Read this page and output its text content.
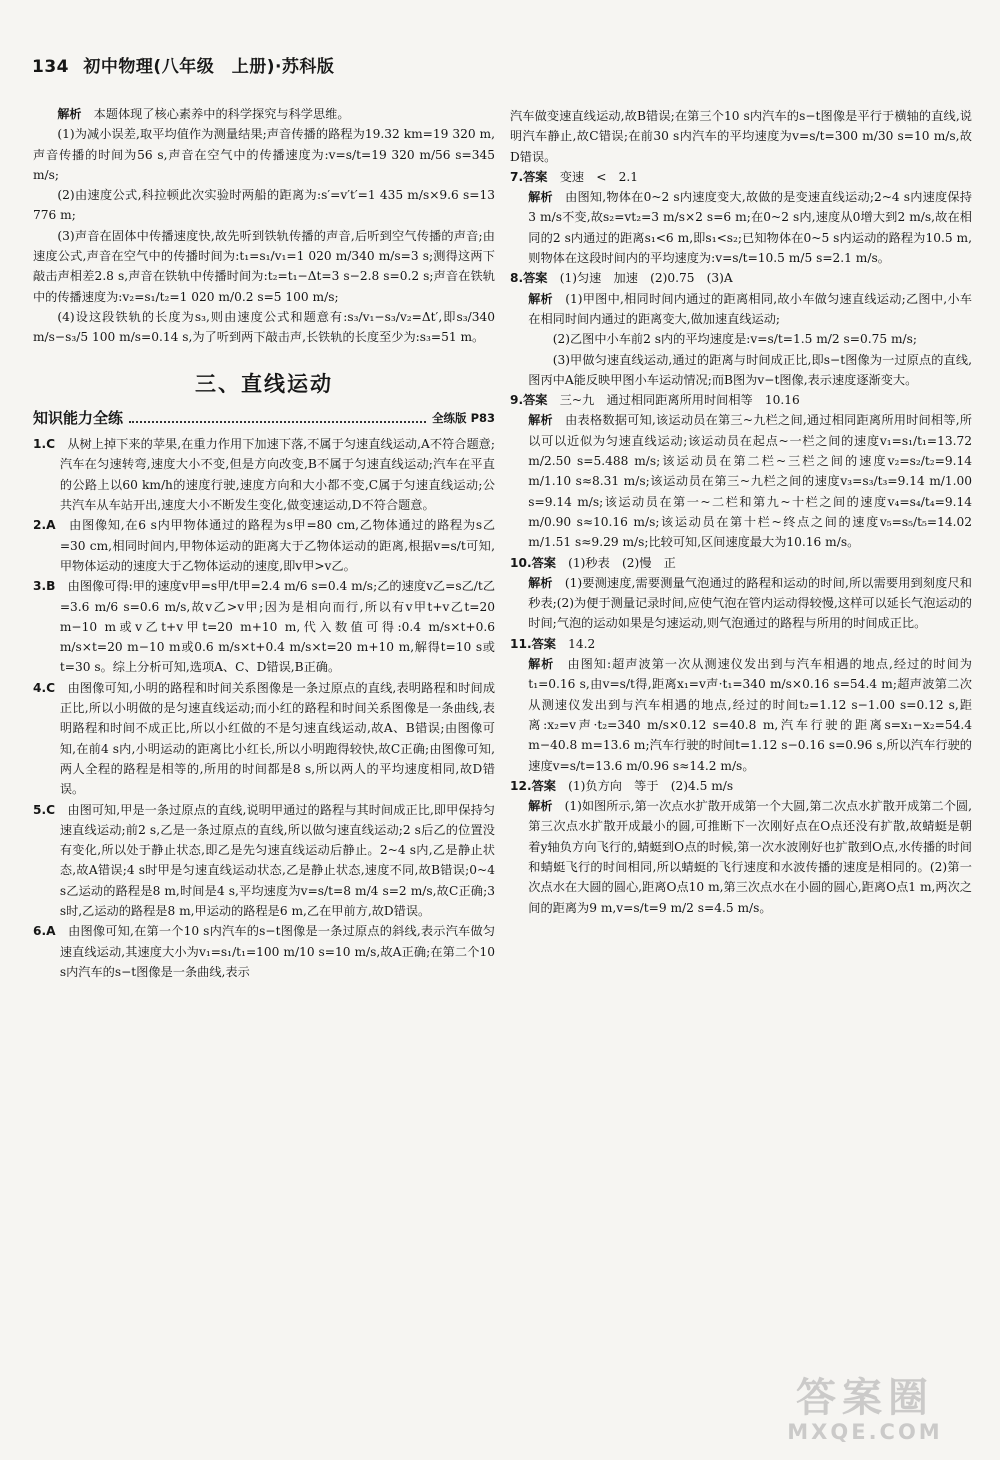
134 初中物理(八年级　上册)·苏科版

解析　 本题体现了核心素养中的科学探究与科学思维。

(1)为减小误差,取平均值作为测量结果;声音传播的路程为19.32 km=19 320 m,声音传播的时间为56 s,声音在空气中的传播速度为:v=s/t=19 320 m/56 s=345 m/s;

(2)由速度公式,科拉顿此次实验时两船的距离为:s′=v′t′=1 435 m/s×9.6 s=13 776 m;

(3)声音在固体中传播速度快,故先听到铁轨传播的声音,后听到空气传播的声音;由速度公式,声音在空气中的传播时间为:t₁=s₁/v₁=1 020 m/340 m/s=3 s;测得这两下敲击声相差2.8 s,声音在铁轨中传播时间为:t₂=t₁−Δt=3 s−2.8 s=0.2 s;声音在铁轨中的传播速度为:v₂=s₁/t₂=1 020 m/0.2 s=5 100 m/s;

(4)设这段铁轨的长度为s₃,则由速度公式和题意有:s₃/v₁−s₃/v₂=Δt′,即s₃/340 m/s−s₃/5 100 m/s=0.14 s,为了听到两下敲击声,长铁轨的长度至少为:s₃=51 m。

三、直线运动
知识能力全练	全练版 P83

1.C　 从树上掉下来的苹果,在重力作用下加速下落,不属于匀速直线运动,A不符合题意;汽车在匀速转弯,速度大小不变,但是方向改变,B不属于匀速直线运动;汽车在平直的公路上以60 km/h的速度行驶,速度方向和大小都不变,C属于匀速直线运动;公共汽车从车站开出,速度大小不断发生变化,做变速运动,D不符合题意。

2.A　 由图像知,在6 s内甲物体通过的路程为s甲=80 cm,乙物体通过的路程为s乙=30 cm,相同时间内,甲物体运动的距离大于乙物体运动的距离,根据v=s/t可知,甲物体运动的速度大于乙物体运动的速度,即v甲>v乙。

3.B　 由图像可得:甲的速度v甲=s甲/t甲=2.4 m/6 s=0.4 m/s;乙的速度v乙=s乙/t乙=3.6 m/6 s=0.6 m/s,故v乙>v甲;因为是相向而行,所以有v甲t+v乙t=20 m−10 m或v乙t+v甲t=20 m+10 m,代入数值可得:0.4 m/s×t+0.6 m/s×t=20 m−10 m或0.6 m/s×t+0.4 m/s×t=20 m+10 m,解得t=10 s或t=30 s。综上分析可知,选项A、C、D错误,B正确。

4.C　 由图像可知,小明的路程和时间关系图像是一条过原点的直线,表明路程和时间成正比,所以小明做的是匀速直线运动;而小红的路程和时间关系图像是一条曲线,表明路程和时间不成正比,所以小红做的不是匀速直线运动,故A、B错误;由图像可知,在前4 s内,小明运动的距离比小红长,所以小明跑得较快,故C正确;由图像可知,两人全程的路程是相等的,所用的时间都是8 s,所以两人的平均速度相同,故D错误。

5.C　 由图可知,甲是一条过原点的直线,说明甲通过的路程与其时间成正比,即甲保持匀速直线运动;前2 s,乙是一条过原点的直线,所以做匀速直线运动;2 s后乙的位置没有变化,所以处于静止状态,即乙是先匀速直线运动后静止。2~4 s内,乙是静止状态,故A错误;4 s时甲是匀速直线运动状态,乙是静止状态,速度不同,故B错误;0~4 s乙运动的路程是8 m,时间是4 s,平均速度为v=s/t=8 m/4 s=2 m/s,故C正确;3 s时,乙运动的路程是8 m,甲运动的路程是6 m,乙在甲前方,故D错误。

6.A　 由图像可知,在第一个10 s内汽车的s−t图像是一条过原点的斜线,表示汽车做匀速直线运动,其速度大小为v₁=s₁/t₁=100 m/10 s=10 m/s,故A正确;在第二个10 s内汽车的s−t图像是一条曲线,表示

汽车做变速直线运动,故B错误;在第三个10 s内汽车的s−t图像是平行于横轴的直线,说明汽车静止,故C错误;在前30 s内汽车的平均速度为v=s/t=300 m/30 s=10 m/s,故D错误。

7.答案　 变速　<　2.1

解析　 由图知,物体在0~2 s内速度变大,故做的是变速直线运动;2~4 s内速度保持3 m/s不变,故s₂=vt₂=3 m/s×2 s=6 m;在0~2 s内,速度从0增大到2 m/s,故在相同的2 s内通过的距离s₁<6 m,即s₁<s₂;已知物体在0~5 s内运动的路程为10.5 m,则物体在这段时间内的平均速度为:v=s/t=10.5 m/5 s=2.1 m/s。

8.答案　 (1)匀速　加速　(2)0.75　(3)A

解析　 (1)甲图中,相同时间内通过的距离相同,故小车做匀速直线运动;乙图中,小车在相同时间内通过的距离变大,做加速直线运动;

(2)乙图中小车前2 s内的平均速度是:v=s/t=1.5 m/2 s=0.75 m/s;

(3)甲做匀速直线运动,通过的距离与时间成正比,即s−t图像为一过原点的直线,图丙中A能反映甲图小车运动情况;而B图为v−t图像,表示速度逐渐变大。

9.答案　 三~九　通过相同距离所用时间相等　10.16

解析　 由表格数据可知,该运动员在第三~九栏之间,通过相同距离所用时间相等,所以可以近似为匀速直线运动;该运动员在起点~一栏之间的速度v₁=s₁/t₁=13.72 m/2.50 s=5.488 m/s;该运动员在第二栏~三栏之间的速度v₂=s₂/t₂=9.14 m/1.10 s≈8.31 m/s;该运动员在第三~九栏之间的速度v₃=s₃/t₃=9.14 m/1.00 s=9.14 m/s;该运动员在第一~二栏和第九~十栏之间的速度v₄=s₄/t₄=9.14 m/0.90 s≈10.16 m/s;该运动员在第十栏~终点之间的速度v₅=s₅/t₅=14.02 m/1.51 s≈9.29 m/s;比较可知,区间速度最大为10.16 m/s。

10.答案　 (1)秒表　(2)慢　正

解析　 (1)要测速度,需要测量气泡通过的路程和运动的时间,所以需要用到刻度尺和秒表;(2)为便于测量记录时间,应使气泡在管内运动得较慢,这样可以延长气泡运动的时间;气泡的运动如果是匀速运动,则气泡通过的路程与所用的时间成正比。

11.答案　 14.2

解析　 由图知:超声波第一次从测速仪发出到与汽车相遇的地点,经过的时间为t₁=0.16 s,由v=s/t得,距离x₁=v声·t₁=340 m/s×0.16 s=54.4 m;超声波第二次从测速仪发出到与汽车相遇的地点,经过的时间t₂=1.12 s−1.00 s=0.12 s,距离:x₂=v声·t₂=340 m/s×0.12 s=40.8 m,汽车行驶的距离s=x₁−x₂=54.4 m−40.8 m=13.6 m;汽车行驶的时间t=1.12 s−0.16 s=0.96 s,所以汽车行驶的速度v=s/t=13.6 m/0.96 s≈14.2 m/s。

12.答案　 (1)负方向　等于　(2)4.5 m/s

解析　 (1)如图所示,第一次点水扩散开成第一个大圆,第二次点水扩散开成第二个圆,第三次点水扩散开成最小的圆,可推断下一次刚好点在O点还没有扩散,故蜻蜓是朝着y轴负方向飞行的,蜻蜓到O点的时候,第一次水波刚好也扩散到O点,水传播的时间和蜻蜓飞行的时间相同,所以蜻蜓的飞行速度和水波传播的速度是相同的。(2)第一次点水在大圆的圆心,距离O点10 m,第三次点水在小圆的圆心,距离O点1 m,两次之间的距离为9 m,v=s/t=9 m/2 s=4.5 m/s。

答案圈
MXQE.COM
